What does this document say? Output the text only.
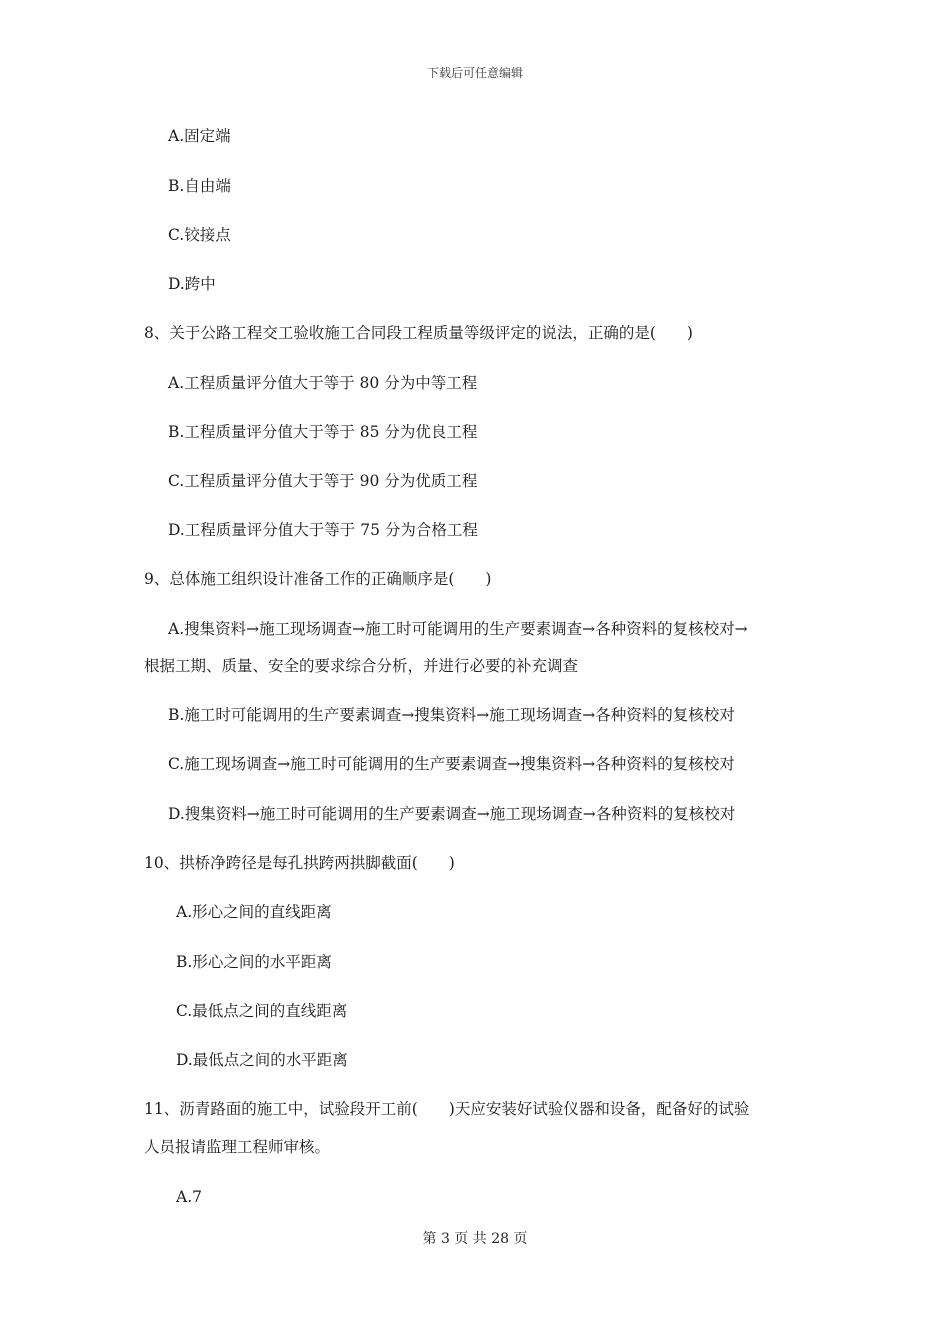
下载后可任意编辑
A.固定端
B.自由端
C.铰接点
D.跨中
8、关于公路工程交工验收施工合同段工程质量等级评定的说法，正确的是(　　)
A.工程质量评分值大于等于 80 分为中等工程
B.工程质量评分值大于等于 85 分为优良工程
C.工程质量评分值大于等于 90 分为优质工程
D.工程质量评分值大于等于 75 分为合格工程
9、总体施工组织设计准备工作的正确顺序是(　　)
A.搜集资料→施工现场调查→施工时可能调用的生产要素调查→各种资料的复核校对→
根据工期、质量、安全的要求综合分析，并进行必要的补充调查
B.施工时可能调用的生产要素调查→搜集资料→施工现场调查→各种资料的复核校对
C.施工现场调查→施工时可能调用的生产要素调查→搜集资料→各种资料的复核校对
D.搜集资料→施工时可能调用的生产要素调查→施工现场调查→各种资料的复核校对
10、拱桥净跨径是每孔拱跨两拱脚截面(　　)
A.形心之间的直线距离
B.形心之间的水平距离
C.最低点之间的直线距离
D.最低点之间的水平距离
11、沥青路面的施工中，试验段开工前(　　)天应安装好试验仪器和设备，配备好的试验
人员报请监理工程师审核。
A.7
第 3 页 共 28 页
